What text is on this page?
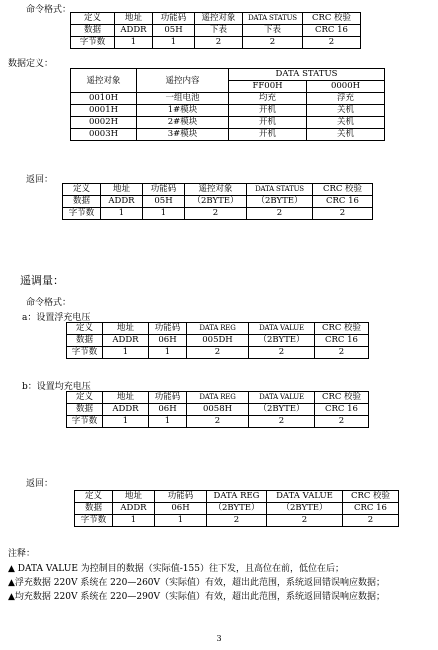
命令格式：
定义	地址	功能码	遥控对象	DATA STATUS	CRC 校验
数据	ADDR	05H	下表	下表	CRC 16
字节数	1	1	2	2	2
数据定义：
遥控对象	遥控内容	DATA STATUS	
		FF00H	0000H
0010H	一组电池	均充	浮充
0001H	1#模块	开机	关机
0002H	2#模块	开机	关机
0003H	3#模块	开机	关机
返回：
定义	地址	功能码	遥控对象	DATA STATUS	CRC 校验
数据	ADDR	05H	（2BYTE）	（2BYTE）	CRC 16
字节数	1	1	2	2	2
遥调量：
命令格式：
a：设置浮充电压
定义	地址	功能码	DATA REG	DATA VALUE	CRC 校验
数据	ADDR	06H	005DH	（2BYTE）	CRC 16
字节数	1	1	2	2	2
b：设置均充电压
定义	地址	功能码	DATA REG	DATA VALUE	CRC 校验
数据	ADDR	06H	0058H	（2BYTE）	CRC 16
字节数	1	1	2	2	2
返回：
定义	地址	功能码	DATA REG	DATA VALUE	CRC 校验
数据	ADDR	06H	（2BYTE）	（2BYTE）	CRC 16
字节数	1	1	2	2	2
注释：
▲ DATA VALUE 为控制目的数据（实际值-155）往下发，且高位在前，低位在后；
▲浮充数据 220V 系统在 220—260V（实际值）有效，超出此范围，系统返回错误响应数据；
▲均充数据 220V 系统在 220—290V（实际值）有效，超出此范围，系统返回错误响应数据；
3
